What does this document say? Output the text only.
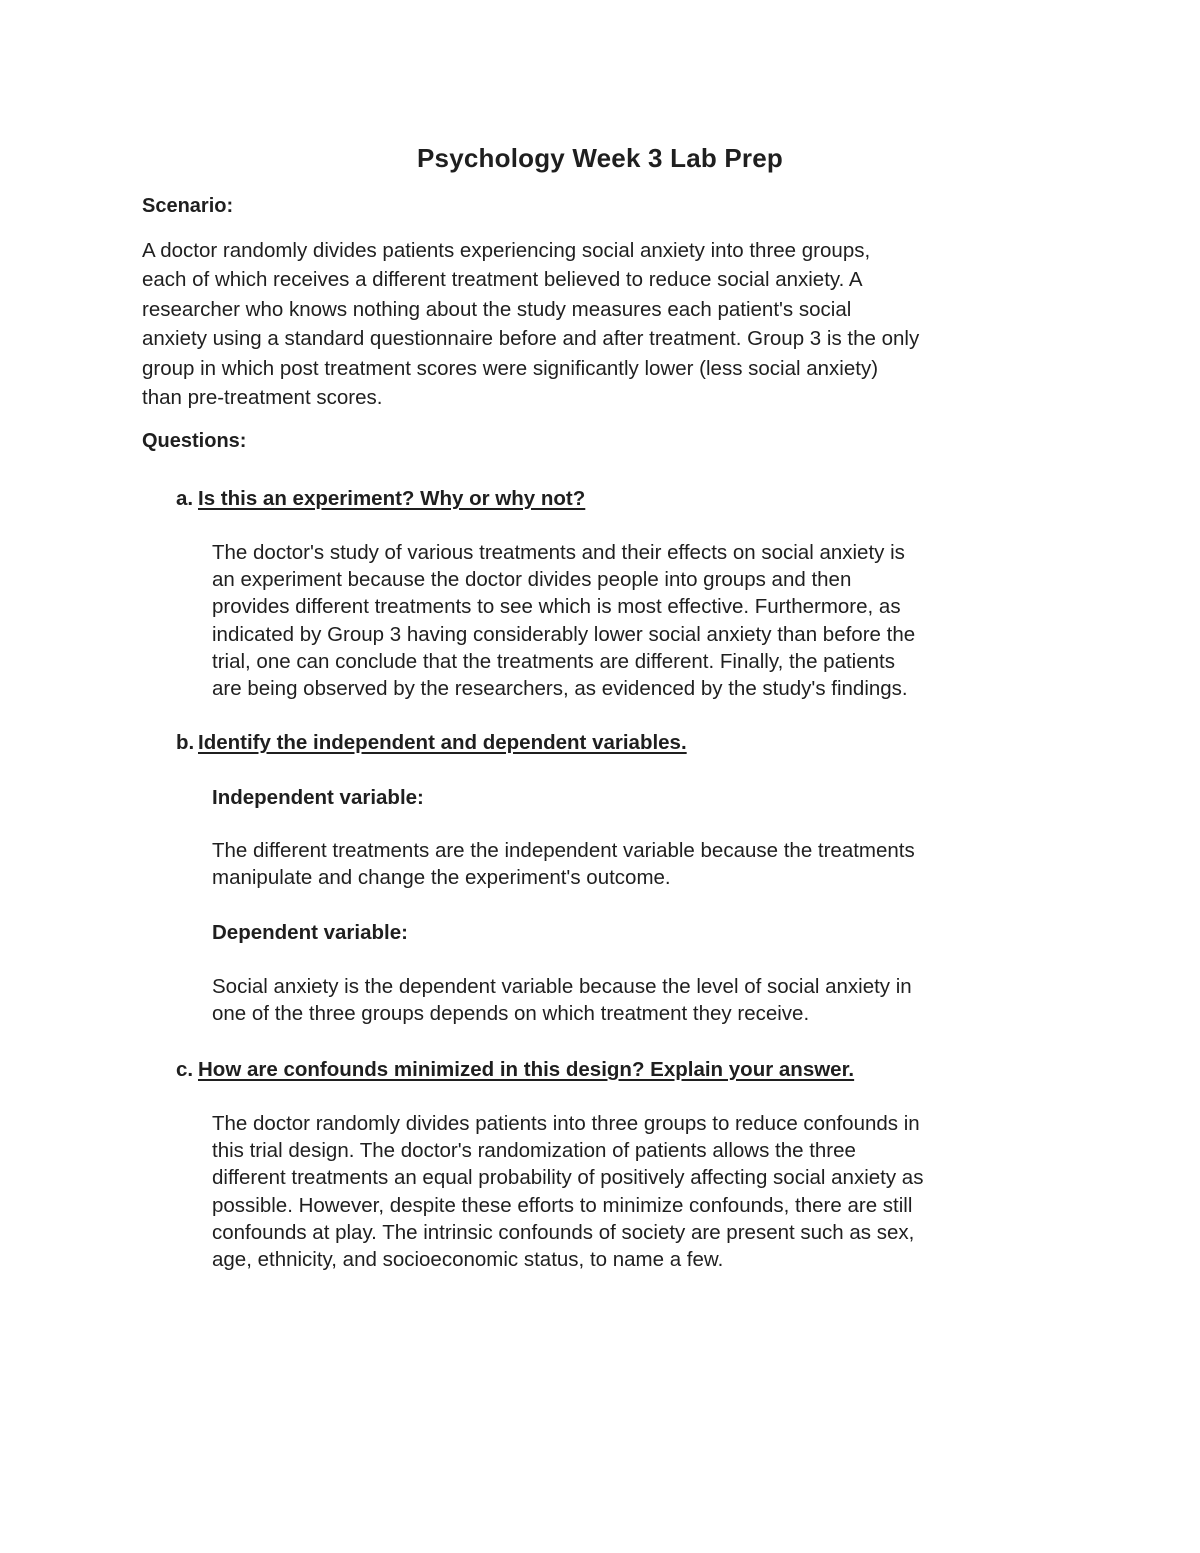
Psychology Week 3 Lab Prep

Scenario:

A doctor randomly divides patients experiencing social anxiety into three groups,
each of which receives a different treatment believed to reduce social anxiety. A
researcher who knows nothing about the study measures each patient's social
anxiety using a standard questionnaire before and after treatment. Group 3 is the only
group in which post treatment scores were significantly lower (less social anxiety)
than pre-treatment scores.

Questions:

a. Is this an experiment? Why or why not?

The doctor's study of various treatments and their effects on social anxiety is
an experiment because the doctor divides people into groups and then
provides different treatments to see which is most effective. Furthermore, as
indicated by Group 3 having considerably lower social anxiety than before the
trial, one can conclude that the treatments are different. Finally, the patients
are being observed by the researchers, as evidenced by the study's findings.

b. Identify the independent and dependent variables.

Independent variable:

The different treatments are the independent variable because the treatments
manipulate and change the experiment's outcome.

Dependent variable:

Social anxiety is the dependent variable because the level of social anxiety in
one of the three groups depends on which treatment they receive.

c. How are confounds minimized in this design? Explain your answer.

The doctor randomly divides patients into three groups to reduce confounds in
this trial design. The doctor's randomization of patients allows the three
different treatments an equal probability of positively affecting social anxiety as
possible. However, despite these efforts to minimize confounds, there are still
confounds at play. The intrinsic confounds of society are present such as sex,
age, ethnicity, and socioeconomic status, to name a few.
